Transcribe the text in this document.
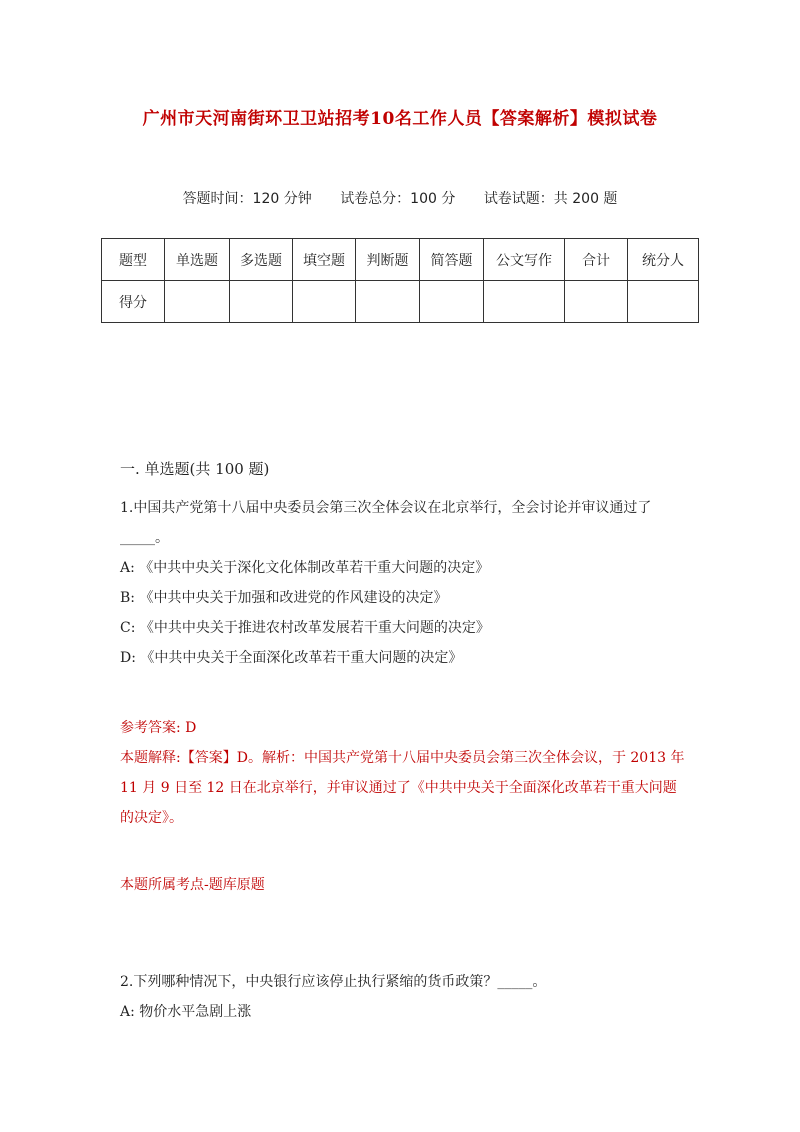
广州市天河南街环卫卫站招考10名工作人员【答案解析】模拟试卷
答题时间：120 分钟 试卷总分：100 分 试卷试题：共 200 题
题型	单选题	多选题	填空题	判断题	简答题	公文写作	合计	统分人
得分								
一. 单选题(共 100 题)
1.中国共产党第十八届中央委员会第三次全体会议在北京举行，全会讨论并审议通过了_____。
A: 《中共中央关于深化文化体制改革若干重大问题的决定》
B: 《中共中央关于加强和改进党的作风建设的决定》
C: 《中共中央关于推进农村改革发展若干重大问题的决定》
D: 《中共中央关于全面深化改革若干重大问题的决定》
参考答案: D
本题解释:【答案】D。解析：中国共产党第十八届中央委员会第三次全体会议，于 2013 年 11 月 9 日至 12 日在北京举行，并审议通过了《中共中央关于全面深化改革若干重大问题的决定》。
本题所属考点-题库原题
2.下列哪种情况下，中央银行应该停止执行紧缩的货币政策？_____。
A: 物价水平急剧上涨
